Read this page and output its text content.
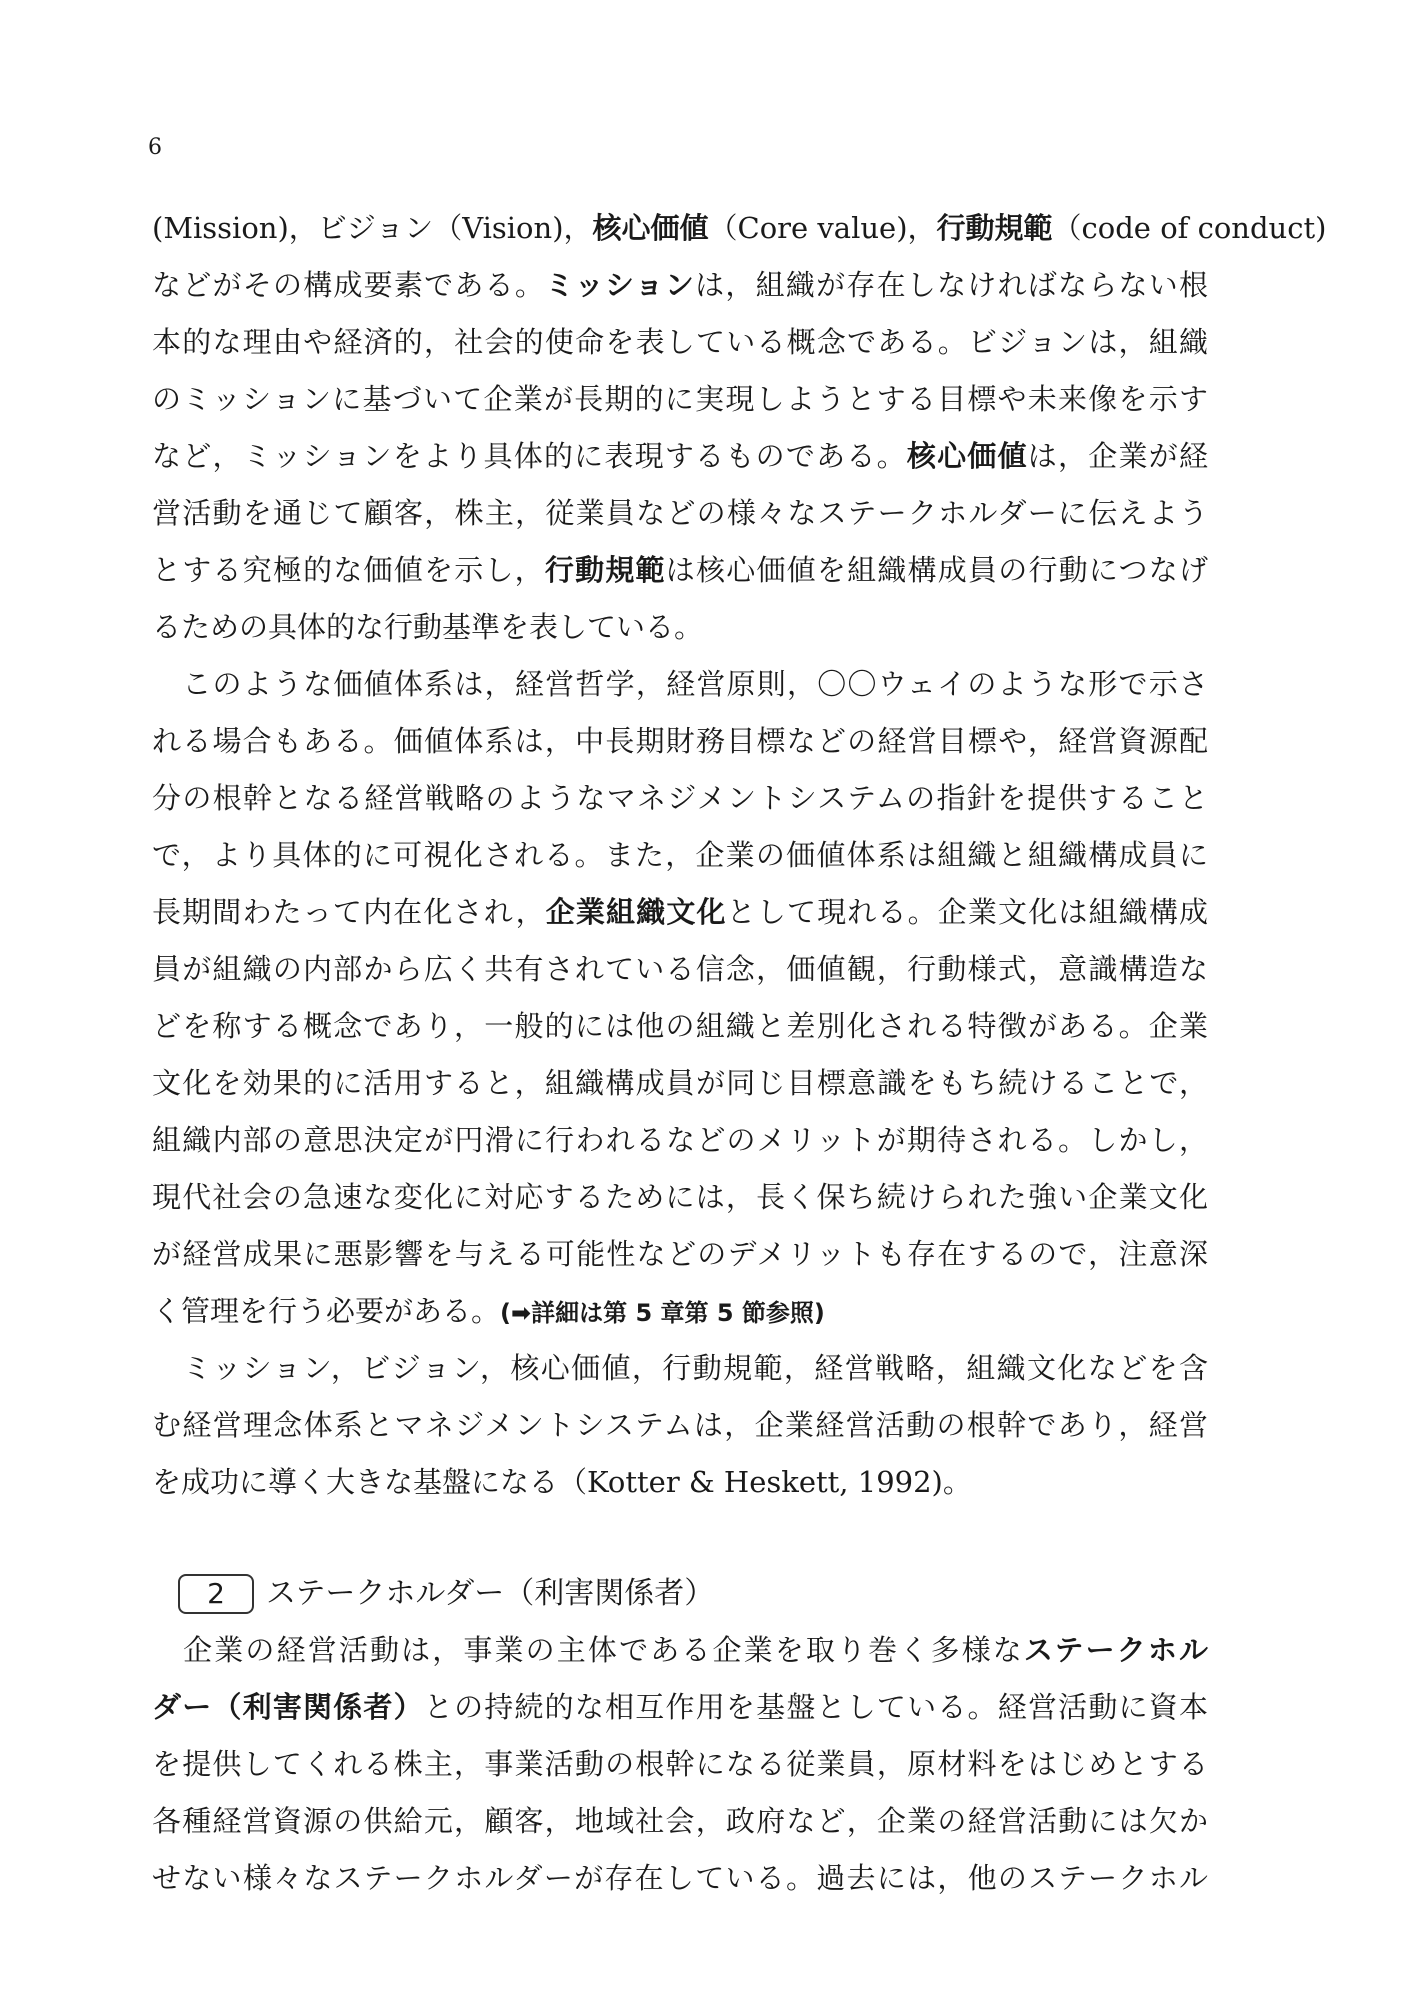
6
(Mission)，ビジョン（Vision)，核心価値（Core value)，行動規範（code of conduct)
などがその構成要素である。ミッションは，組織が存在しなければならない根
本的な理由や経済的，社会的使命を表している概念である。ビジョンは，組織
のミッションに基づいて企業が長期的に実現しようとする目標や未来像を示す
など，ミッションをより具体的に表現するものである。核心価値は，企業が経
営活動を通じて顧客，株主，従業員などの様々なステークホルダーに伝えよう
とする究極的な価値を示し，行動規範は核心価値を組織構成員の行動につなげ
るための具体的な行動基準を表している。
　このような価値体系は，経営哲学，経営原則，〇〇ウェイのような形で示さ
れる場合もある。価値体系は，中長期財務目標などの経営目標や，経営資源配
分の根幹となる経営戦略のようなマネジメントシステムの指針を提供すること
で，より具体的に可視化される。また，企業の価値体系は組織と組織構成員に
長期間わたって内在化され，企業組織文化として現れる。企業文化は組織構成
員が組織の内部から広く共有されている信念，価値観，行動様式，意識構造な
どを称する概念であり，一般的には他の組織と差別化される特徴がある。企業
文化を効果的に活用すると，組織構成員が同じ目標意識をもち続けることで，
組織内部の意思決定が円滑に行われるなどのメリットが期待される。しかし，
現代社会の急速な変化に対応するためには，長く保ち続けられた強い企業文化
が経営成果に悪影響を与える可能性などのデメリットも存在するので，注意深
く管理を行う必要がある。(➡詳細は第 5 章第 5 節参照)
　ミッション，ビジョン，核心価値，行動規範，経営戦略，組織文化などを含
む経営理念体系とマネジメントシステムは，企業経営活動の根幹であり，経営
を成功に導く大きな基盤になる（Kotter & Heskett, 1992)。
2	ステークホルダー（利害関係者）
　企業の経営活動は，事業の主体である企業を取り巻く多様なステークホル
ダー（利害関係者）との持続的な相互作用を基盤としている。経営活動に資本
を提供してくれる株主，事業活動の根幹になる従業員，原材料をはじめとする
各種経営資源の供給元，顧客，地域社会，政府など，企業の経営活動には欠か
せない様々なステークホルダーが存在している。過去には，他のステークホル
